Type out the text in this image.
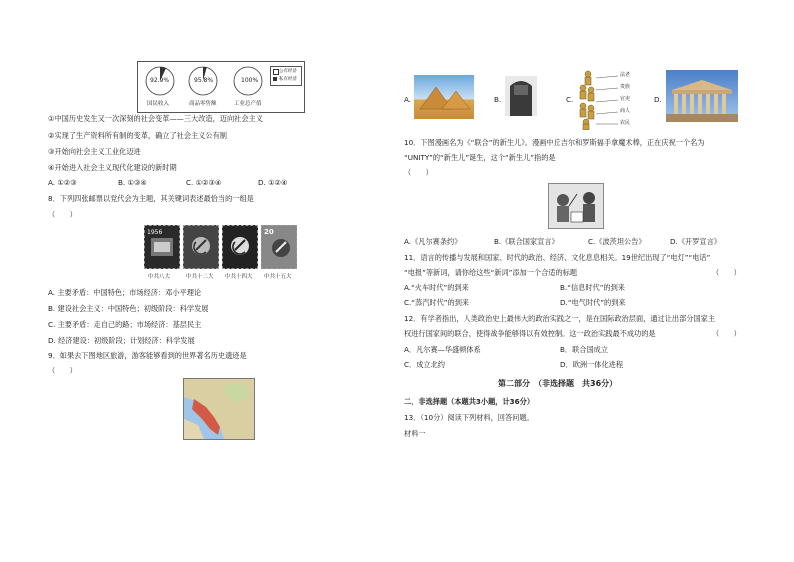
92.9%	95.8%	100%
国民收入	商品零售额	工业总产值
公有经济
私有经济
①中国历史发生又一次深刻的社会变革——三大改造，迈向社会主义
②实现了生产资料所有制的变革，确立了社会主义公有制
③开始向社会主义工业化迈进
④开始进入社会主义现代化建设的新时期
A. ①②③	B. ①③④	C. ①②③④	D. ①②④
8．下列四张邮票以党代会为主题，其关键词表述最恰当的一组是
（　　）
1956	20
中共八大	中共十二大 中共十四大 中共十五大
A. 主要矛盾：中国特色；市场经济：邓小平理论
B. 建设社会主义：中国特色；初级阶段：科学发展
C. 主要矛盾：走自己的路；市场经济：基层民主
D. 经济建设：初级阶段；计划经济：科学发展
9．如果去下图地区旅游，游客能够看到的世界著名历史遗迹是
（　　）
A.	B.	C.
法老
贵族
官吏
商人
农民
D.
10．下图漫画名为《“联合”的新生儿》。漫画中丘吉尔和罗斯福手拿魔术棒，正在庆祝一个名为
“UNITY”的“新生儿”诞生，这个“新生儿”指的是
（　　）
A.《凡尔赛条约》	B.《联合国家宣言》	C.《波茨坦公告》	D.《开罗宣言》
11．语言的传播与发展和国家、时代的政治、经济、文化息息相关。19世纪出现了“电灯”“电话”
“电报”等新词，请你给这些“新词”添加一个合适的标题	（　　）
A.“火车时代”的到来	B.“信息时代”的到来
C.“蒸汽时代”的到来	D.“电气时代”的到来
12．有学者指出，人类政治史上最伟大的政治实践之一，是在国际政治层面，通过让出部分国家主
权进行国家间的联合，使得战争能够得以有效控制。这一政治实践最不成功的是	（　　）
A．凡尔赛—华盛顿体系	B．联合国成立
C．成立北约	D．欧洲一体化进程
第二部分　（非选择题　共36分）
二．非选择题（本题共3小题，计36分）
13．（10分）阅读下列材料，回答问题。
材料一
